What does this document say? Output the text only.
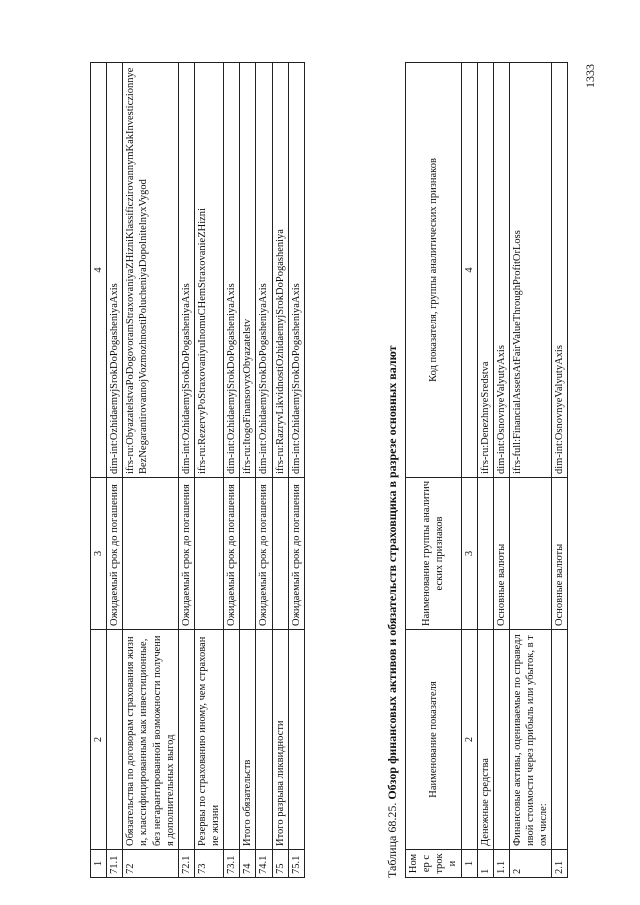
1333
1	2	3	4
71.1		Ожидаемый срок до погашения	dim-int:OzhidaemyjSrokDoPogasheniyaAxis
72	Обязательства по договорам страхования жизни, классифицированным как инвестиционные, без негарантированной возможности получения дополнительных выгод		ifrs-ru:ObyazatelstvaPoDogovoramStraxovaniyaZHizniKlassificzirovannymKakInvesticzionnyeBezNegarantirovannojVozmozhnostiPolucheniyaDopolnitelnyxVygod
72.1		Ожидаемый срок до погашения	dim-int:OzhidaemyjSrokDoPogasheniyaAxis
73	Резервы по страхованию иному, чем страхование жизни		ifrs-ru:RezervyPoStraxovaniyuInomuCHemStraxovanieZHizni
73.1		Ожидаемый срок до погашения	dim-int:OzhidaemyjSrokDoPogasheniyaAxis
74	Итого обязательств		ifrs-ru:ItogoFinansovyxObyazatelstv
74.1		Ожидаемый срок до погашения	dim-int:OzhidaemyjSrokDoPogasheniyaAxis
75	Итого разрыва ликвидности		ifrs-ru:RazryvLikvidnostiOzhidaemyjSrokDoPogasheniya
75.1		Ожидаемый срок до погашения	dim-int:OzhidaemyjSrokDoPogasheniyaAxis
Таблица 68.25. Обзор финансовых активов и обязательств страховщика в разрезе основных валют
Номер строки	Наименование показателя	Наименование группы аналитических признаков	Код показателя, группы аналитических признаков
1	2	3	4
1	Денежные средства		ifrs-ru:DenezhnyeSredstva
1.1		Основные валюты	dim-int:OsnovnyeValyutyAxis
2	Финансовые активы, оцениваемые по справедливой стоимости через прибыль или убыток, в том числе:		ifrs-full:FinancialAssetsAtFairValueThroughProfitOrLoss
2.1		Основные валюты	dim-int:OsnovnyeValyutyAxis
